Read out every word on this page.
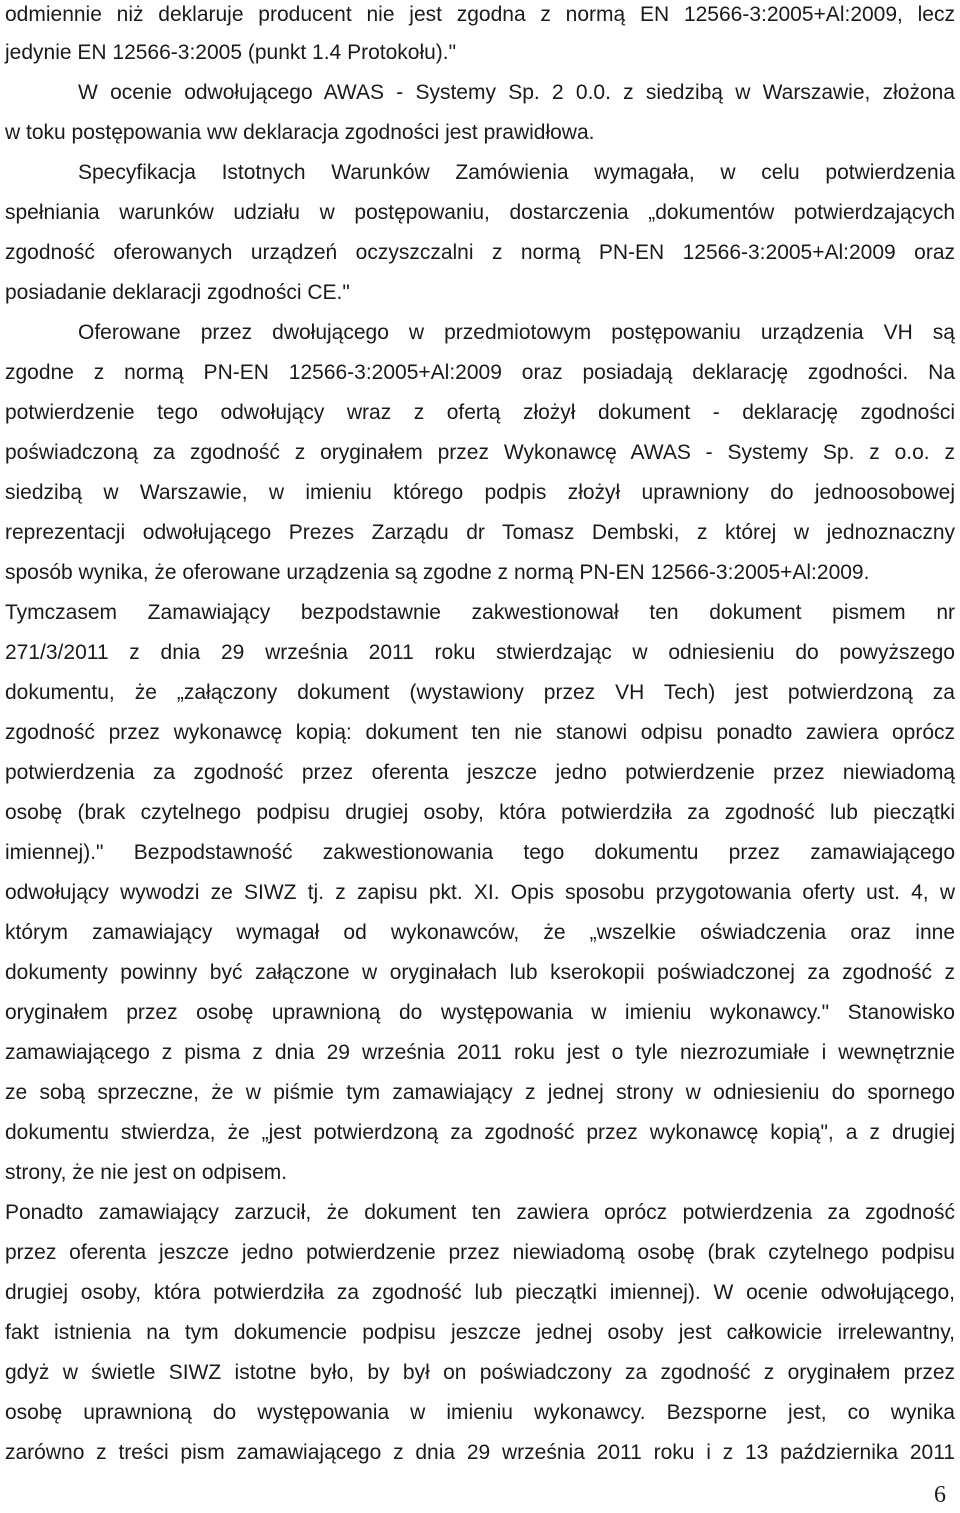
odmiennie niż deklaruje producent nie jest zgodna z normą EN 12566-3:2005+Al:2009, lecz

jedynie EN 12566-3:2005 (punkt 1.4 Protokołu)."

W ocenie odwołującego AWAS - Systemy Sp. 2 0.0. z siedzibą w Warszawie, złożona

w toku postępowania ww deklaracja zgodności jest prawidłowa.

Specyfikacja Istotnych Warunków Zamówienia wymagała, w celu potwierdzenia

spełniania warunków udziału w postępowaniu, dostarczenia „dokumentów potwierdzających

zgodność oferowanych urządzeń oczyszczalni z normą PN-EN 12566-3:2005+Al:2009 oraz

posiadanie deklaracji zgodności CE."

Oferowane przez dwołującego w przedmiotowym postępowaniu urządzenia VH są

zgodne z normą PN-EN 12566-3:2005+Al:2009 oraz posiadają deklarację zgodności. Na

potwierdzenie tego odwołujący wraz z ofertą złożył dokument - deklarację zgodności

poświadczoną za zgodność z oryginałem przez Wykonawcę AWAS - Systemy Sp. z o.o. z

siedzibą w Warszawie, w imieniu którego podpis złożył uprawniony do jednoosobowej

reprezentacji odwołującego Prezes Zarządu dr Tomasz Dembski, z której w jednoznaczny

sposób wynika, że oferowane urządzenia są zgodne z normą PN-EN 12566-3:2005+Al:2009.

Tymczasem Zamawiający bezpodstawnie zakwestionował ten dokument pismem nr

271/3/2011 z dnia 29 września 2011 roku stwierdzając w odniesieniu do powyższego

dokumentu, że „załączony dokument (wystawiony przez VH Tech) jest potwierdzoną za

zgodność przez wykonawcę kopią: dokument ten nie stanowi odpisu ponadto zawiera oprócz

potwierdzenia za zgodność przez oferenta jeszcze jedno potwierdzenie przez niewiadomą

osobę (brak czytelnego podpisu drugiej osoby, która potwierdziła za zgodność lub pieczątki

imiennej)." Bezpodstawność zakwestionowania tego dokumentu przez zamawiającego

odwołujący wywodzi ze SIWZ tj. z zapisu pkt. XI. Opis sposobu przygotowania oferty ust. 4, w

którym zamawiający wymagał od wykonawców, że „wszelkie oświadczenia oraz inne

dokumenty powinny być załączone w oryginałach lub kserokopii poświadczonej za zgodność z

oryginałem przez osobę uprawnioną do występowania w imieniu wykonawcy." Stanowisko

zamawiającego z pisma z dnia 29 września 2011 roku jest o tyle niezrozumiałe i wewnętrznie

ze sobą sprzeczne, że w piśmie tym zamawiający z jednej strony w odniesieniu do spornego

dokumentu stwierdza, że „jest potwierdzoną za zgodność przez wykonawcę kopią", a z drugiej

strony, że nie jest on odpisem.

Ponadto zamawiający zarzucił, że dokument ten zawiera oprócz potwierdzenia za zgodność

przez oferenta jeszcze jedno potwierdzenie przez niewiadomą osobę (brak czytelnego podpisu

drugiej osoby, która potwierdziła za zgodność lub pieczątki imiennej). W ocenie odwołującego,

fakt istnienia na tym dokumencie podpisu jeszcze jednej osoby jest całkowicie irrelewantny,

gdyż w świetle SIWZ istotne było, by był on poświadczony za zgodność z oryginałem przez

osobę uprawnioną do występowania w imieniu wykonawcy. Bezsporne jest, co wynika

zarówno z treści pism zamawiającego z dnia 29 września 2011 roku i z 13 października 2011

6
